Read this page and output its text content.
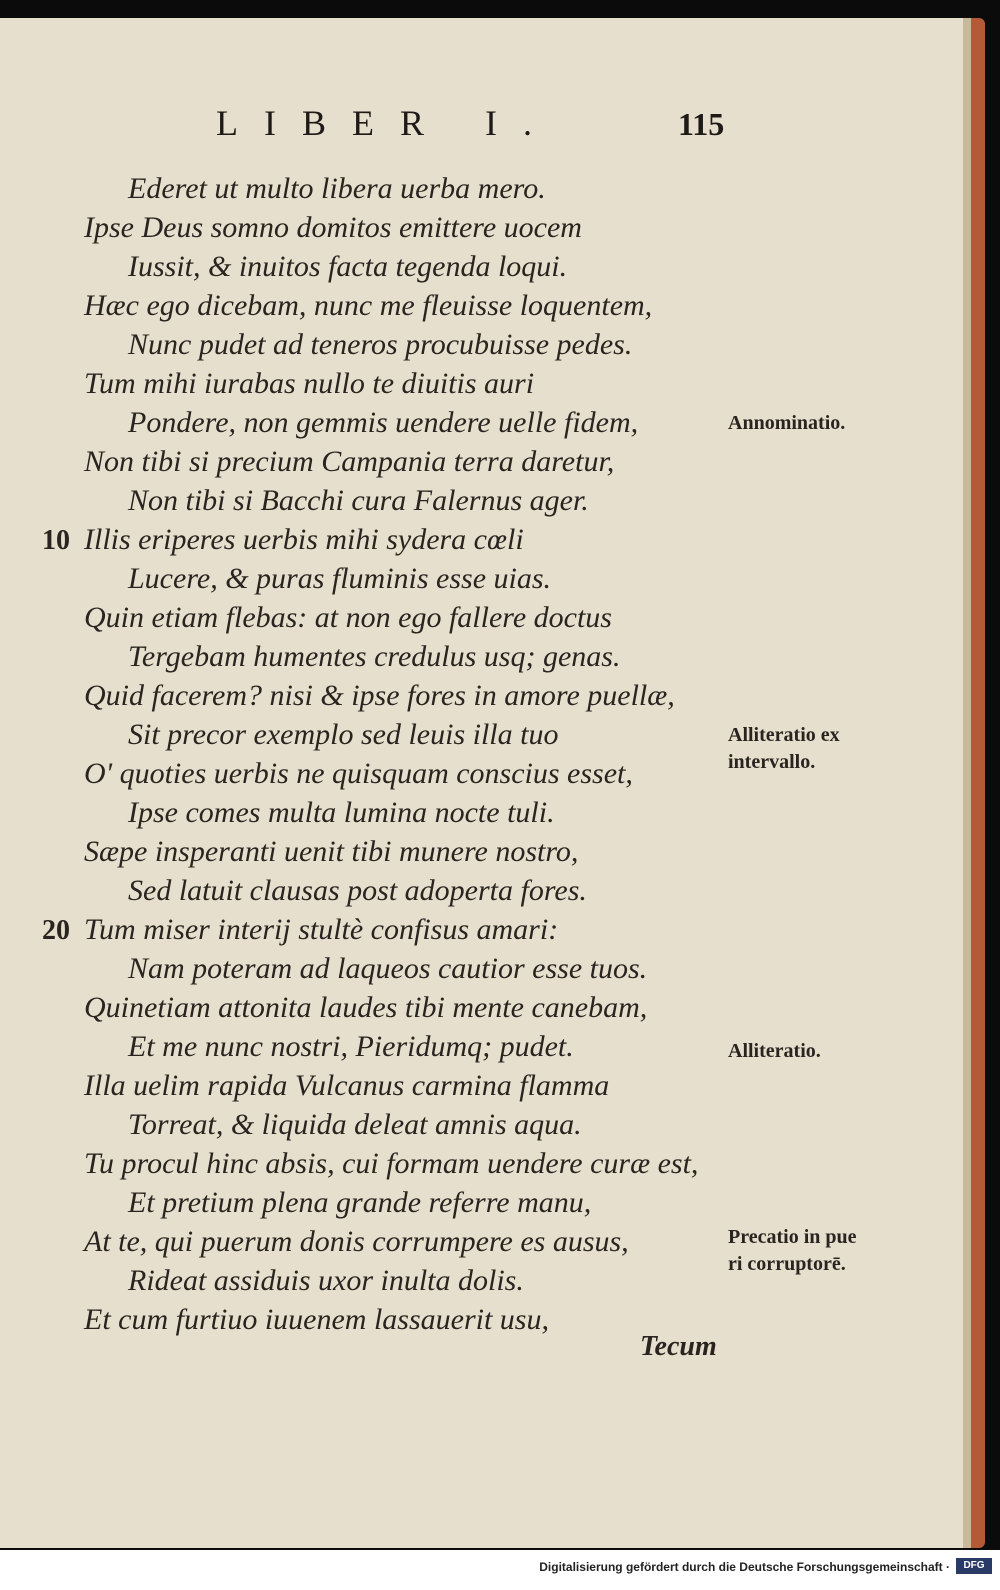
LIBER I.	115
Ederet ut multo libera uerba mero.
Ipse Deus somno domitos emittere uocem
Iussit, & inuitos facta tegenda loqui.
Hæc ego dicebam, nunc me fleuisse loquentem,
Nunc pudet ad teneros procubuisse pedes.
Tum mihi iurabas nullo te diuitis auri
Pondere, non gemmis uendere uelle fidem,
Non tibi si precium Campania terra daretur,
Non tibi si Bacchi cura Falernus ager.
Illis eriperes uerbis mihi sydera cœli
Lucere, & puras fluminis esse uias.
Quin etiam flebas: at non ego fallere doctus
Tergebam humentes credulus usq; genas.
Quid facerem? nisi & ipse fores in amore puellæ,
Sit precor exemplo sed leuis illa tuo
O' quoties uerbis ne quisquam conscius esset,
Ipse comes multa lumina nocte tuli.
Sæpe insperanti uenit tibi munere nostro,
Sed latuit clausas post adoperta fores.
Tum miser interij stultè confisus amari:
Nam poteram ad laqueos cautior esse tuos.
Quinetiam attonita laudes tibi mente canebam,
Et me nunc nostri, Pieridumq; pudet.
Illa uelim rapida Vulcanus carmina flamma
Torreat, & liquida deleat amnis aqua.
Tu procul hinc absis, cui formam uendere curæ est,
Et pretium plena grande referre manu,
At te, qui puerum donis corrumpere es ausus,
Rideat assiduis uxor inulta dolis.
Et cum furtiuo iuuenem lassauerit usu,
10
20
Annominatio.
Alliteratio ex
intervallo.
Alliteratio.
Precatio in pue
ri corruptorē.
Tecum
Digitalisierung gefördert durch die Deutsche Forschungsgemeinschaft ·	DFG
